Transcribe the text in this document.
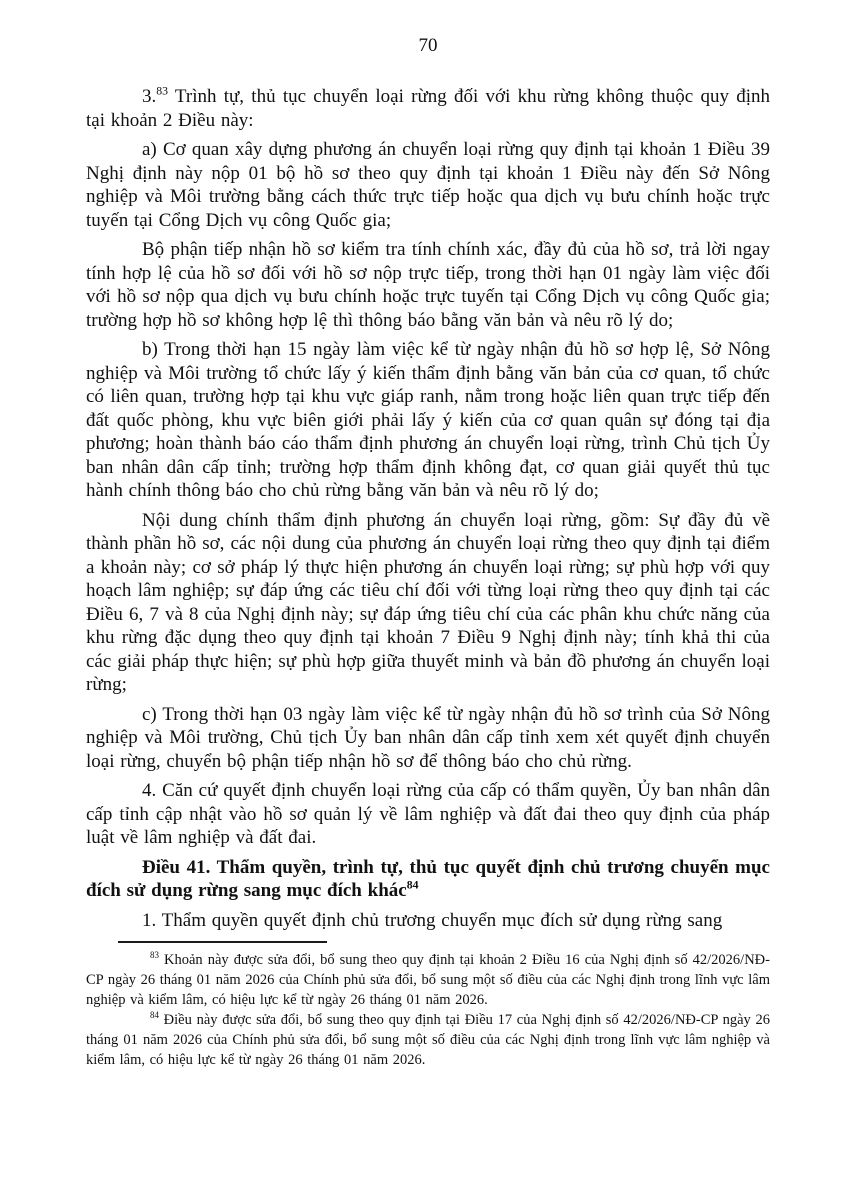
70

3.83 Trình tự, thủ tục chuyển loại rừng đối với khu rừng không thuộc quy định tại khoản 2 Điều này:

a) Cơ quan xây dựng phương án chuyển loại rừng quy định tại khoản 1 Điều 39 Nghị định này nộp 01 bộ hồ sơ theo quy định tại khoản 1 Điều này đến Sở Nông nghiệp và Môi trường bằng cách thức trực tiếp hoặc qua dịch vụ bưu chính hoặc trực tuyến tại Cổng Dịch vụ công Quốc gia;

Bộ phận tiếp nhận hồ sơ kiểm tra tính chính xác, đầy đủ của hồ sơ, trả lời ngay tính hợp lệ của hồ sơ đối với hồ sơ nộp trực tiếp, trong thời hạn 01 ngày làm việc đối với hồ sơ nộp qua dịch vụ bưu chính hoặc trực tuyến tại Cổng Dịch vụ công Quốc gia; trường hợp hồ sơ không hợp lệ thì thông báo bằng văn bản và nêu rõ lý do;

b) Trong thời hạn 15 ngày làm việc kể từ ngày nhận đủ hồ sơ hợp lệ, Sở Nông nghiệp và Môi trường tổ chức lấy ý kiến thẩm định bằng văn bản của cơ quan, tổ chức có liên quan, trường hợp tại khu vực giáp ranh, nằm trong hoặc liên quan trực tiếp đến đất quốc phòng, khu vực biên giới phải lấy ý kiến của cơ quan quân sự đóng tại địa phương; hoàn thành báo cáo thẩm định phương án chuyển loại rừng, trình Chủ tịch Ủy ban nhân dân cấp tỉnh; trường hợp thẩm định không đạt, cơ quan giải quyết thủ tục hành chính thông báo cho chủ rừng bằng văn bản và nêu rõ lý do;

Nội dung chính thẩm định phương án chuyển loại rừng, gồm: Sự đầy đủ về thành phần hồ sơ, các nội dung của phương án chuyển loại rừng theo quy định tại điểm a khoản này; cơ sở pháp lý thực hiện phương án chuyển loại rừng; sự phù hợp với quy hoạch lâm nghiệp; sự đáp ứng các tiêu chí đối với từng loại rừng theo quy định tại các Điều 6, 7 và 8 của Nghị định này; sự đáp ứng tiêu chí của các phân khu chức năng của khu rừng đặc dụng theo quy định tại khoản 7 Điều 9 Nghị định này; tính khả thi của các giải pháp thực hiện; sự phù hợp giữa thuyết minh và bản đồ phương án chuyển loại rừng;

c) Trong thời hạn 03 ngày làm việc kể từ ngày nhận đủ hồ sơ trình của Sở Nông nghiệp và Môi trường, Chủ tịch Ủy ban nhân dân cấp tỉnh xem xét quyết định chuyển loại rừng, chuyển bộ phận tiếp nhận hồ sơ để thông báo cho chủ rừng.

4. Căn cứ quyết định chuyển loại rừng của cấp có thẩm quyền, Ủy ban nhân dân cấp tỉnh cập nhật vào hồ sơ quản lý về lâm nghiệp và đất đai theo quy định của pháp luật về lâm nghiệp và đất đai.

Điều 41. Thẩm quyền, trình tự, thủ tục quyết định chủ trương chuyển mục đích sử dụng rừng sang mục đích khác$^{84}$

1. Thẩm quyền quyết định chủ trương chuyển mục đích sử dụng rừng sang

$^{83}$ Khoản này được sửa đổi, bổ sung theo quy định tại khoản 2 Điều 16 của Nghị định số 42/2026/NĐ-CP ngày 26 tháng 01 năm 2026 của Chính phủ sửa đổi, bổ sung một số điều của các Nghị định trong lĩnh vực lâm nghiệp và kiểm lâm, có hiệu lực kể từ ngày 26 tháng 01 năm 2026.

$^{84}$ Điều này được sửa đổi, bổ sung theo quy định tại Điều 17 của Nghị định số 42/2026/NĐ-CP ngày 26 tháng 01 năm 2026 của Chính phủ sửa đổi, bổ sung một số điều của các Nghị định trong lĩnh vực lâm nghiệp và kiểm lâm, có hiệu lực kể từ ngày 26 tháng 01 năm 2026.
